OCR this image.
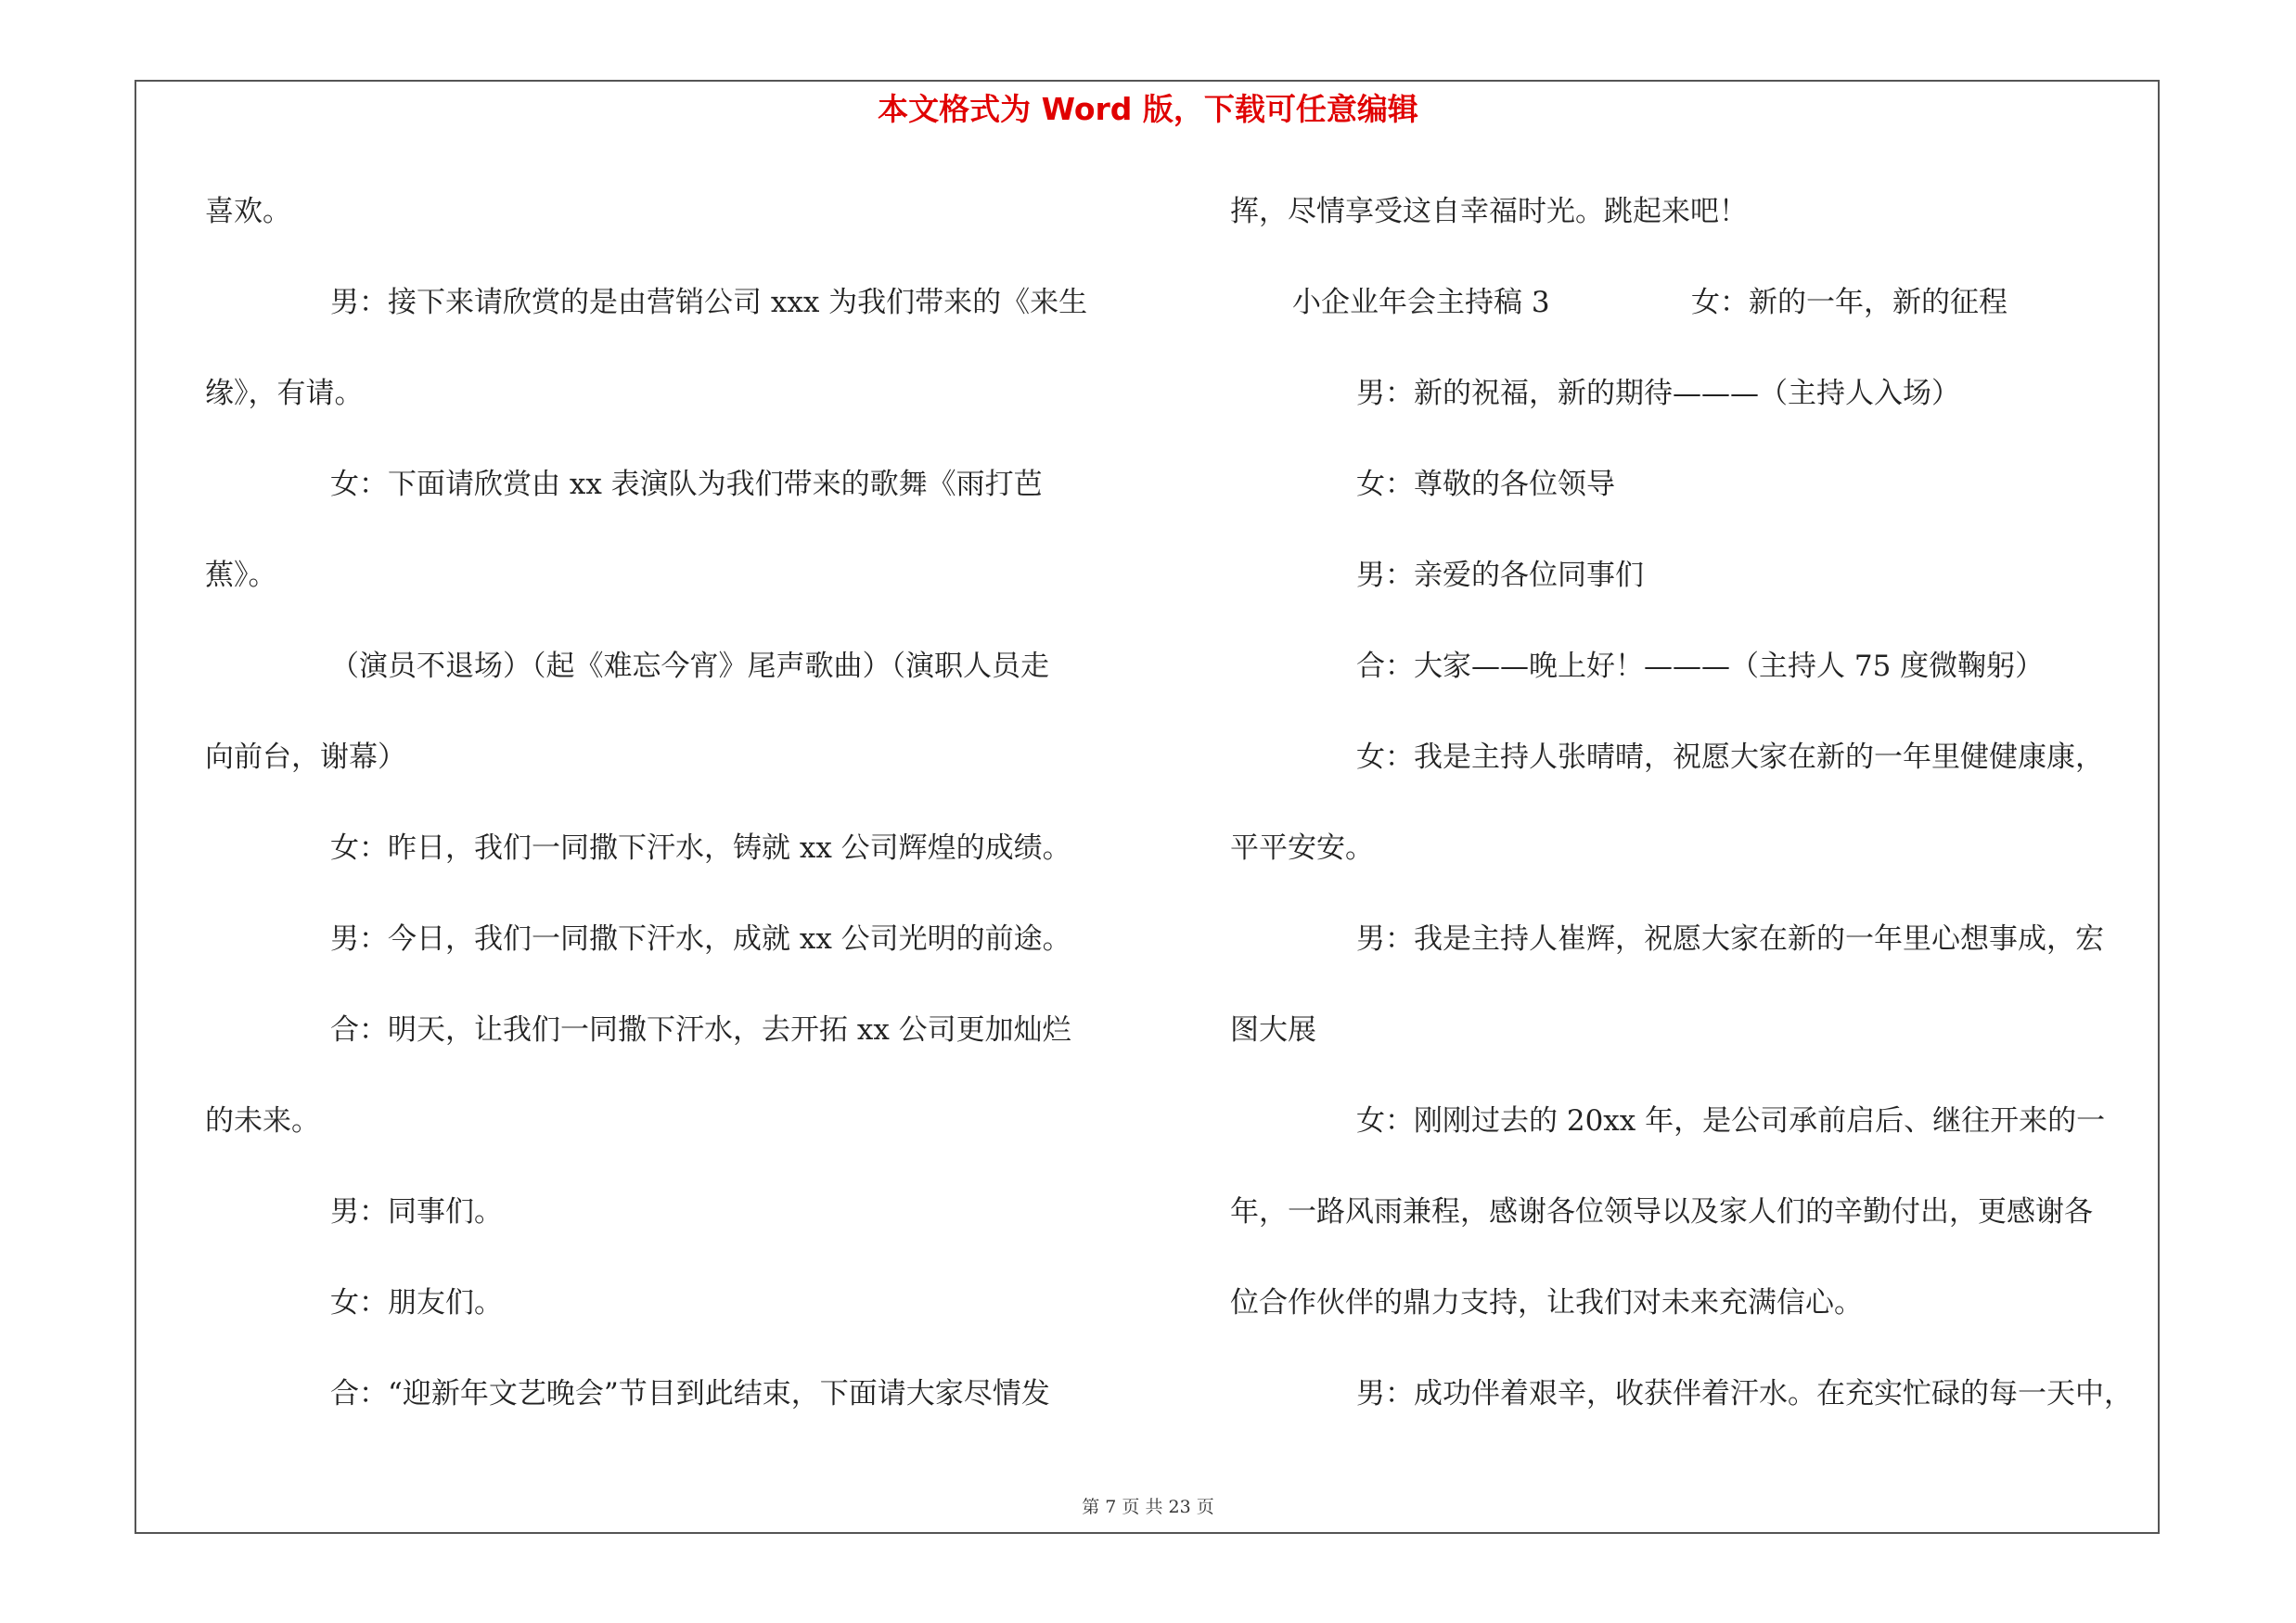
本文格式为 Word 版，下载可任意编辑
喜欢。
男：接下来请欣赏的是由营销公司 xxx 为我们带来的《来生
缘》，有请。
女：下面请欣赏由 xx 表演队为我们带来的歌舞《雨打芭
蕉》。
（演员不退场）（起《难忘今宵》尾声歌曲）（演职人员走
向前台，谢幕）
女：昨日，我们一同撒下汗水，铸就 xx 公司辉煌的成绩。
男：今日，我们一同撒下汗水，成就 xx 公司光明的前途。
合：明天，让我们一同撒下汗水，去开拓 xx 公司更加灿烂
的未来。
男：同事们。
女：朋友们。
合：“迎新年文艺晚会”节目到此结束，下面请大家尽情发
挥，尽情享受这自幸福时光。跳起来吧！
小企业年会主持稿 3	女：新的一年，新的征程
男：新的祝福，新的期待———（主持人入场）
女：尊敬的各位领导
男：亲爱的各位同事们
合：大家——晚上好！———（主持人 75 度微鞠躬）
女：我是主持人张晴晴，祝愿大家在新的一年里健健康康，
平平安安。
男：我是主持人崔辉，祝愿大家在新的一年里心想事成，宏
图大展
女：刚刚过去的 20xx 年，是公司承前启后、继往开来的一
年，一路风雨兼程，感谢各位领导以及家人们的辛勤付出，更感谢各
位合作伙伴的鼎力支持，让我们对未来充满信心。
男：成功伴着艰辛，收获伴着汗水。在充实忙碌的每一天中，
第 7 页 共 23 页
